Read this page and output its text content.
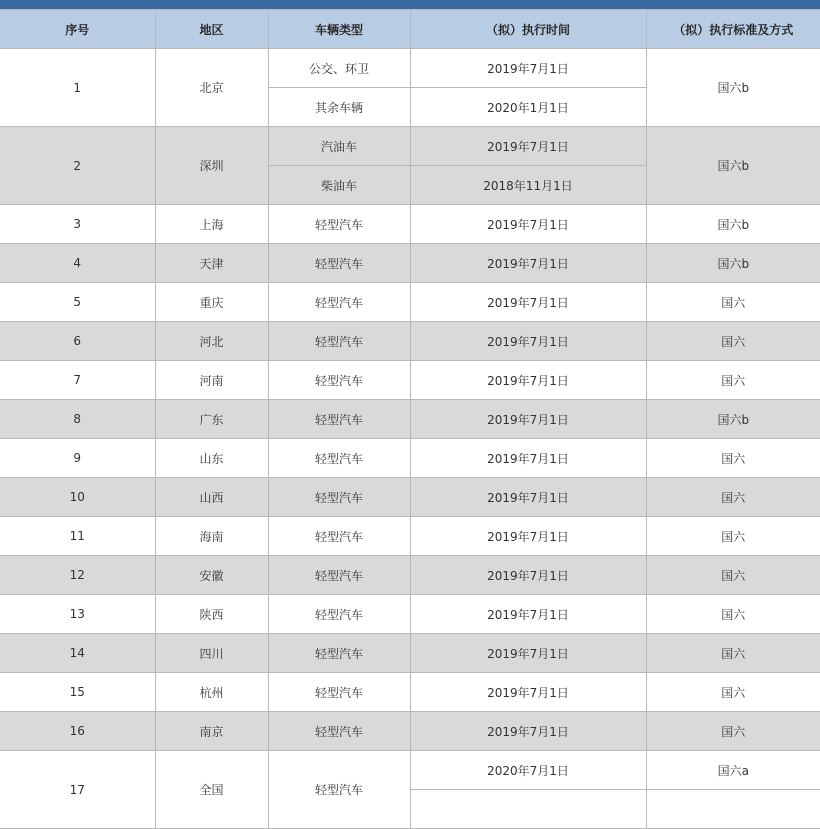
序号	地区	车辆类型	（拟）执行时间	（拟）执行标准及方式
1	北京	公交、环卫	2019年7月1日	国六b
		其余车辆	2020年1月1日	
2	深圳	汽油车	2019年7月1日	国六b
		柴油车	2018年11月1日	
3	上海	轻型汽车	2019年7月1日	国六b
4	天津	轻型汽车	2019年7月1日	国六b
5	重庆	轻型汽车	2019年7月1日	国六
6	河北	轻型汽车	2019年7月1日	国六
7	河南	轻型汽车	2019年7月1日	国六
8	广东	轻型汽车	2019年7月1日	国六b
9	山东	轻型汽车	2019年7月1日	国六
10	山西	轻型汽车	2019年7月1日	国六
11	海南	轻型汽车	2019年7月1日	国六
12	安徽	轻型汽车	2019年7月1日	国六
13	陕西	轻型汽车	2019年7月1日	国六
14	四川	轻型汽车	2019年7月1日	国六
15	杭州	轻型汽车	2019年7月1日	国六
16	南京	轻型汽车	2019年7月1日	国六
17	全国	轻型汽车	2020年7月1日	国六a
